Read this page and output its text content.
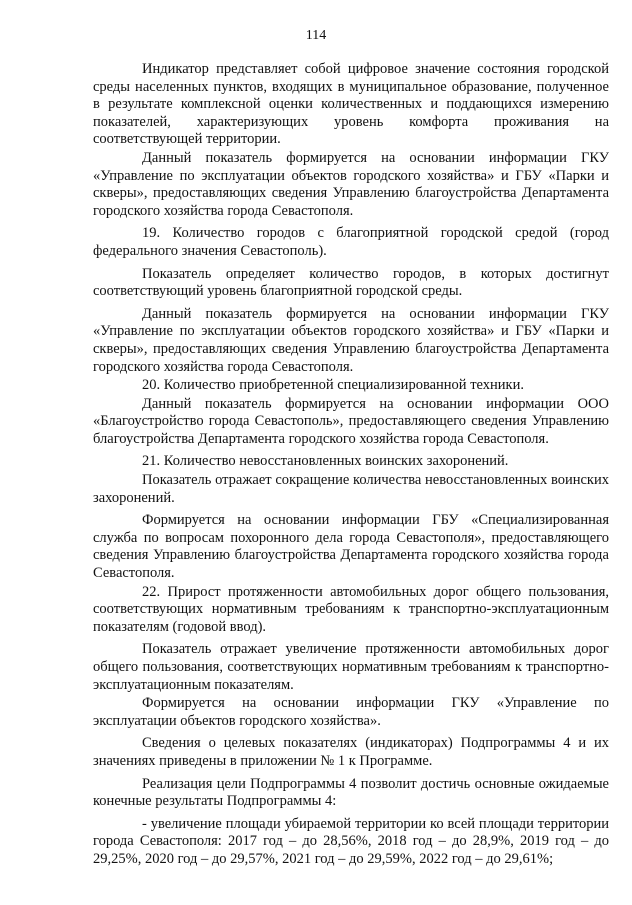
114

Индикатор представляет собой цифровое значение состояния городской среды населенных пунктов, входящих в муниципальное образование, полученное в результате комплексной оценки количественных и поддающихся измерению показателей, характеризующих уровень комфорта проживания на соответствующей территории.

Данный показатель формируется на основании информации ГКУ «Управление по эксплуатации объектов городского хозяйства» и ГБУ «Парки и скверы», предоставляющих сведения Управлению благоустройства Департамента городского хозяйства города Севастополя.

19. Количество городов с благоприятной городской средой (город федерального значения Севастополь).

Показатель определяет количество городов, в которых достигнут соответствующий уровень благоприятной городской среды.

Данный показатель формируется на основании информации ГКУ «Управление по эксплуатации объектов городского хозяйства» и ГБУ «Парки и скверы», предоставляющих сведения Управлению благоустройства Департамента городского хозяйства города Севастополя.

20. Количество приобретенной специализированной техники.

Данный показатель формируется на основании информации ООО «Благоустройство города Севастополь», предоставляющего сведения Управлению благоустройства Департамента городского хозяйства города Севастополя.

21. Количество невосстановленных воинских захоронений.

Показатель отражает сокращение количества невосстановленных воинских захоронений.

Формируется на основании информации ГБУ «Специализированная служба по вопросам похоронного дела города Севастополя», предоставляющего сведения Управлению благоустройства Департамента городского хозяйства города Севастополя.

22. Прирост протяженности автомобильных дорог общего пользования, соответствующих нормативным требованиям к транспортно-эксплуатационным показателям (годовой ввод).

Показатель отражает увеличение протяженности автомобильных дорог общего пользования, соответствующих нормативным требованиям к транспортно-эксплуатационным показателям.

Формируется на основании информации ГКУ «Управление по эксплуатации объектов городского хозяйства».

Сведения о целевых показателях (индикаторах) Подпрограммы 4 и их значениях приведены в приложении № 1 к Программе.

Реализация цели Подпрограммы 4 позволит достичь основные ожидаемые конечные результаты Подпрограммы 4:

- увеличение площади убираемой территории ко всей площади территории города Севастополя: 2017 год – до 28,56%, 2018 год – до 28,9%, 2019 год – до 29,25%, 2020 год – до 29,57%, 2021 год – до 29,59%, 2022 год – до 29,61%;
